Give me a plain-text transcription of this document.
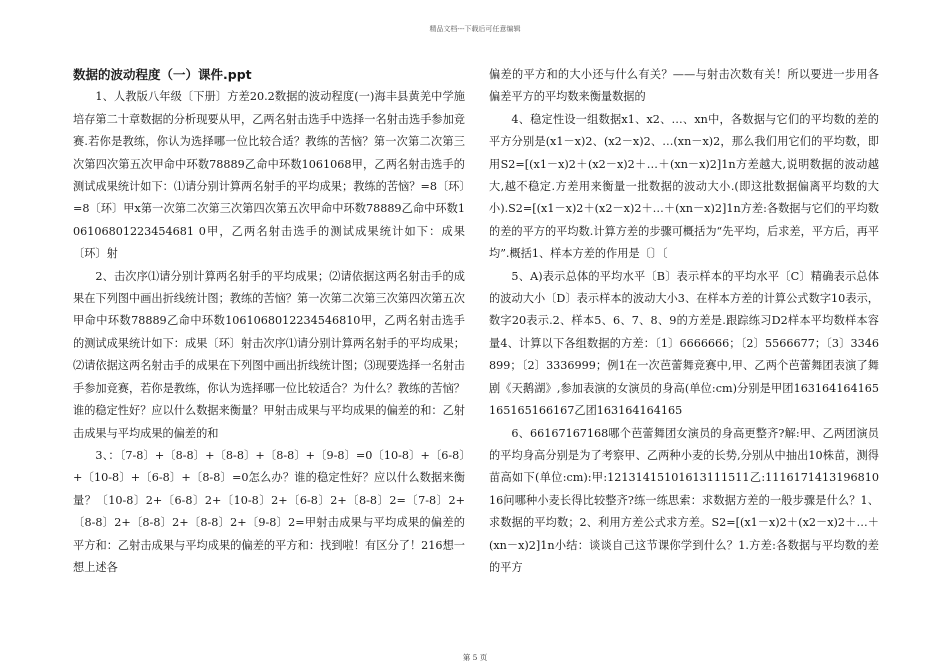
精品文档---下载后可任意编辑
数据的波动程度（一）课件.ppt

1、人教版八年级〔下册〕方差20.2数据的波动程度(一)海丰县黄羌中学施培存第二十章数据的分析现要从甲，乙两名射击选手中选择一名射击选手参加竞赛.若你是教练，你认为选择哪一位比较合适？教练的苦恼？第一次第二次第三次第四次第五次甲命中环数78889乙命中环数1061068甲，乙两名射击选手的测试成果统计如下：⑴请分别计算两名射手的平均成果；教练的苦恼？=8〔环〕=8〔环〕甲x第一次第二次第三次第四次第五次甲命中环数78889乙命中环数106106801223454681 0甲，乙两名射击选手的测试成果统计如下：成果〔环〕射

2、击次序⑴请分别计算两名射手的平均成果；⑵请依据这两名射击手的成果在下列图中画出折线统计图；教练的苦恼？第一次第二次第三次第四次第五次甲命中环数78889乙命中环数1061068012234546810甲，乙两名射击选手的测试成果统计如下：成果〔环〕射击次序⑴请分别计算两名射手的平均成果；⑵请依据这两名射击手的成果在下列图中画出折线统计图；⑶现要选择一名射击手参加竞赛，若你是教练，你认为选择哪一位比较适合？为什么？教练的苦恼？谁的稳定性好？应以什么数据来衡量？甲射击成果与平均成果的偏差的和：乙射击成果与平均成果的偏差的和

3、：〔7-8〕+〔8-8〕+〔8-8〕+〔8-8〕+〔9-8〕=0〔10-8〕+〔6-8〕+〔10-8〕+〔6-8〕+〔8-8〕=0怎么办？谁的稳定性好？应以什么数据来衡量？〔10-8〕2+〔6-8〕2+〔10-8〕2+〔6-8〕2+〔8-8〕2=〔7-8〕2+〔8-8〕2+〔8-8〕2+〔8-8〕2+〔9-8〕2=甲射击成果与平均成果的偏差的平方和：乙射击成果与平均成果的偏差的平方和：找到啦！有区分了！216想一想上述各

偏差的平方和的大小还与什么有关？——与射击次数有关！所以要进一步用各偏差平方的平均数来衡量数据的

4、稳定性设一组数据x1、x2、…、xn中，各数据与它们的平均数的差的平方分别是(x1－x)2、(x2－x)2、…(xn－x)2，那么我们用它们的平均数，即用S2=[(x1－x)2＋(x2－x)2＋…＋(xn－x)2]1n方差越大,说明数据的波动越大,越不稳定.方差用来衡量一批数据的波动大小.(即这批数据偏离平均数的大小).S2=[(x1－x)2＋(x2－x)2＋…＋(xn－x)2]1n方差:各数据与它们的平均数的差的平方的平均数.计算方差的步骤可概括为“先平均，后求差，平方后，再平均”.概括1、样本方差的作用是〔〕〔

5、A)表示总体的平均水平〔B〕表示样本的平均水平〔C〕精确表示总体的波动大小〔D〕表示样本的波动大小3、在样本方差的计算公式数字10表示，数字20表示.2、样本5、6、7、8、9的方差是.跟踪练习D2样本平均数样本容量4、计算以下各组数据的方差：〔1〕6666666；〔2〕5566677；〔3〕3346899；〔2〕3336999；例1在一次芭蕾舞竞赛中,甲、乙两个芭蕾舞团表演了舞剧《天鹅湖》,参加表演的女演员的身高(单位:cm)分别是甲团163164164165165165166167乙团163164164165

6、66167167168哪个芭蕾舞团女演员的身高更整齐?解:甲、乙两团演员的平均身高分别是为了考察甲、乙两种小麦的长势,分别从中抽出10株苗，测得苗高如下(单位:cm):甲:12131415101613111511乙:111617141319681016问哪种小麦长得比较整齐?练一练思索：求数据方差的一般步骤是什么？1、求数据的平均数；2、利用方差公式求方差。S2=[(x1－x)2＋(x2－x)2＋…＋(xn－x)2]1n小结：谈谈自己这节课你学到什么？1.方差:各数据与平均数的差的平方

第 5 页
